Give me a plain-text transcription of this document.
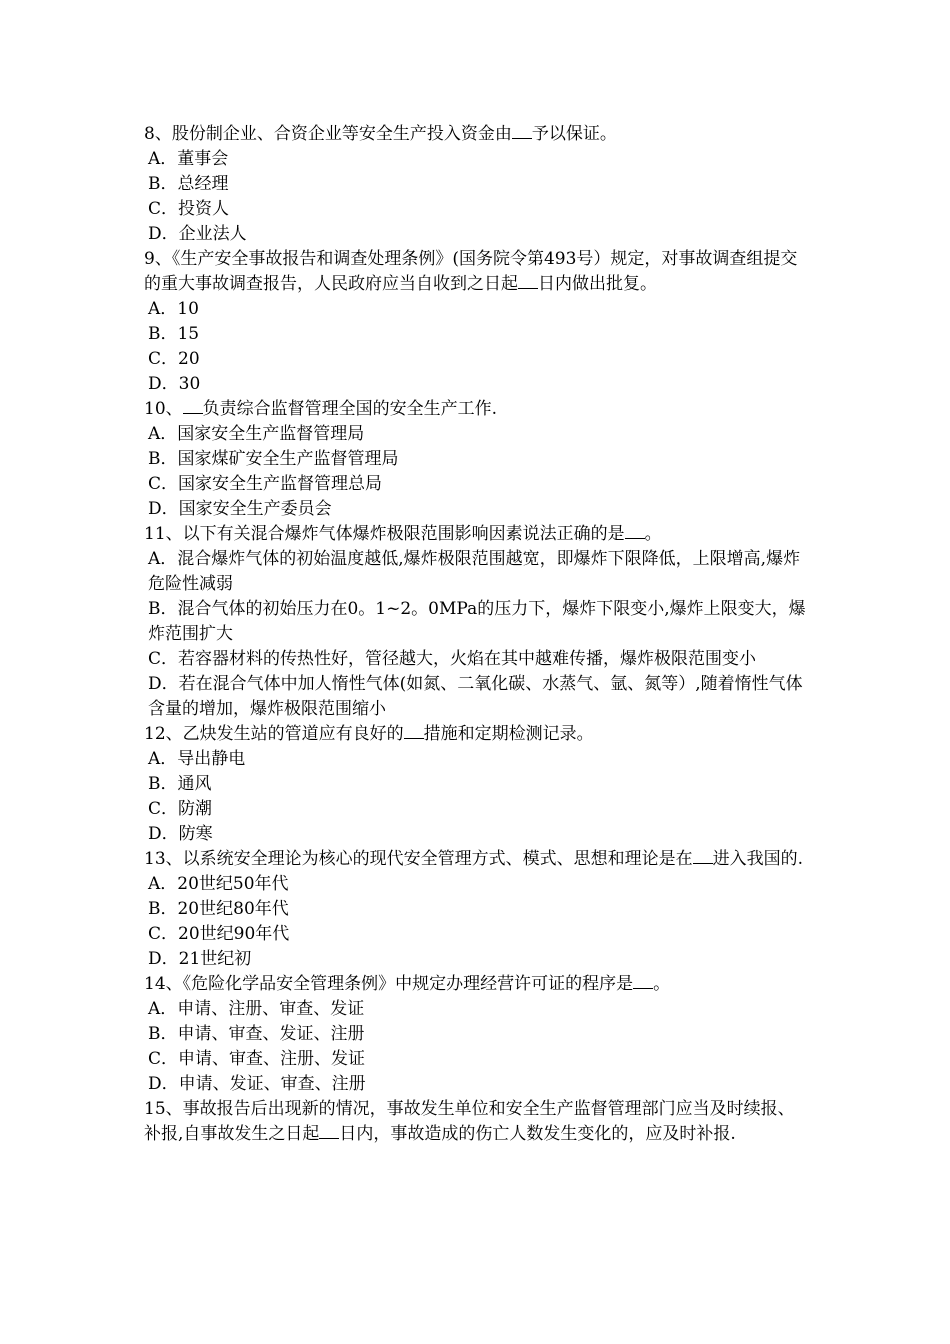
8、股份制企业、合资企业等安全生产投入资金由 予以保证。

A．董事会

B．总经理

C．投资人

D．企业法人

9、《生产安全事故报告和调查处理条例》(国务院令第493号）规定，对事故调查组提交的重大事故调查报告，人民政府应当自收到之日起 日内做出批复。

A．10

B．15

C．20

D．30

10、 负责综合监督管理全国的安全生产工作.

A．国家安全生产监督管理局

B．国家煤矿安全生产监督管理局

C．国家安全生产监督管理总局

D．国家安全生产委员会

11、以下有关混合爆炸气体爆炸极限范围影响因素说法正确的是 。

A．混合爆炸气体的初始温度越低,爆炸极限范围越宽，即爆炸下限降低，上限增高,爆炸危险性减弱

B．混合气体的初始压力在0。1~2。0MPa的压力下，爆炸下限变小,爆炸上限变大，爆炸范围扩大

C．若容器材料的传热性好，管径越大，火焰在其中越难传播，爆炸极限范围变小

D．若在混合气体中加人惰性气体(如氮、二氧化碳、水蒸气、氩、氮等）,随着惰性气体含量的增加，爆炸极限范围缩小

12、乙炔发生站的管道应有良好的 措施和定期检测记录。

A．导出静电

B．通风

C．防潮

D．防寒

13、以系统安全理论为核心的现代安全管理方式、模式、思想和理论是在 进入我国的.

A．20世纪50年代

B．20世纪80年代

C．20世纪90年代

D．21世纪初

14、《危险化学品安全管理条例》中规定办理经营许可证的程序是 。

A．申请、注册、审查、发证

B．申请、审查、发证、注册

C．申请、审查、注册、发证

D．申请、发证、审查、注册

15、事故报告后出现新的情况，事故发生单位和安全生产监督管理部门应当及时续报、补报,自事故发生之日起 日内，事故造成的伤亡人数发生变化的，应及时补报.
